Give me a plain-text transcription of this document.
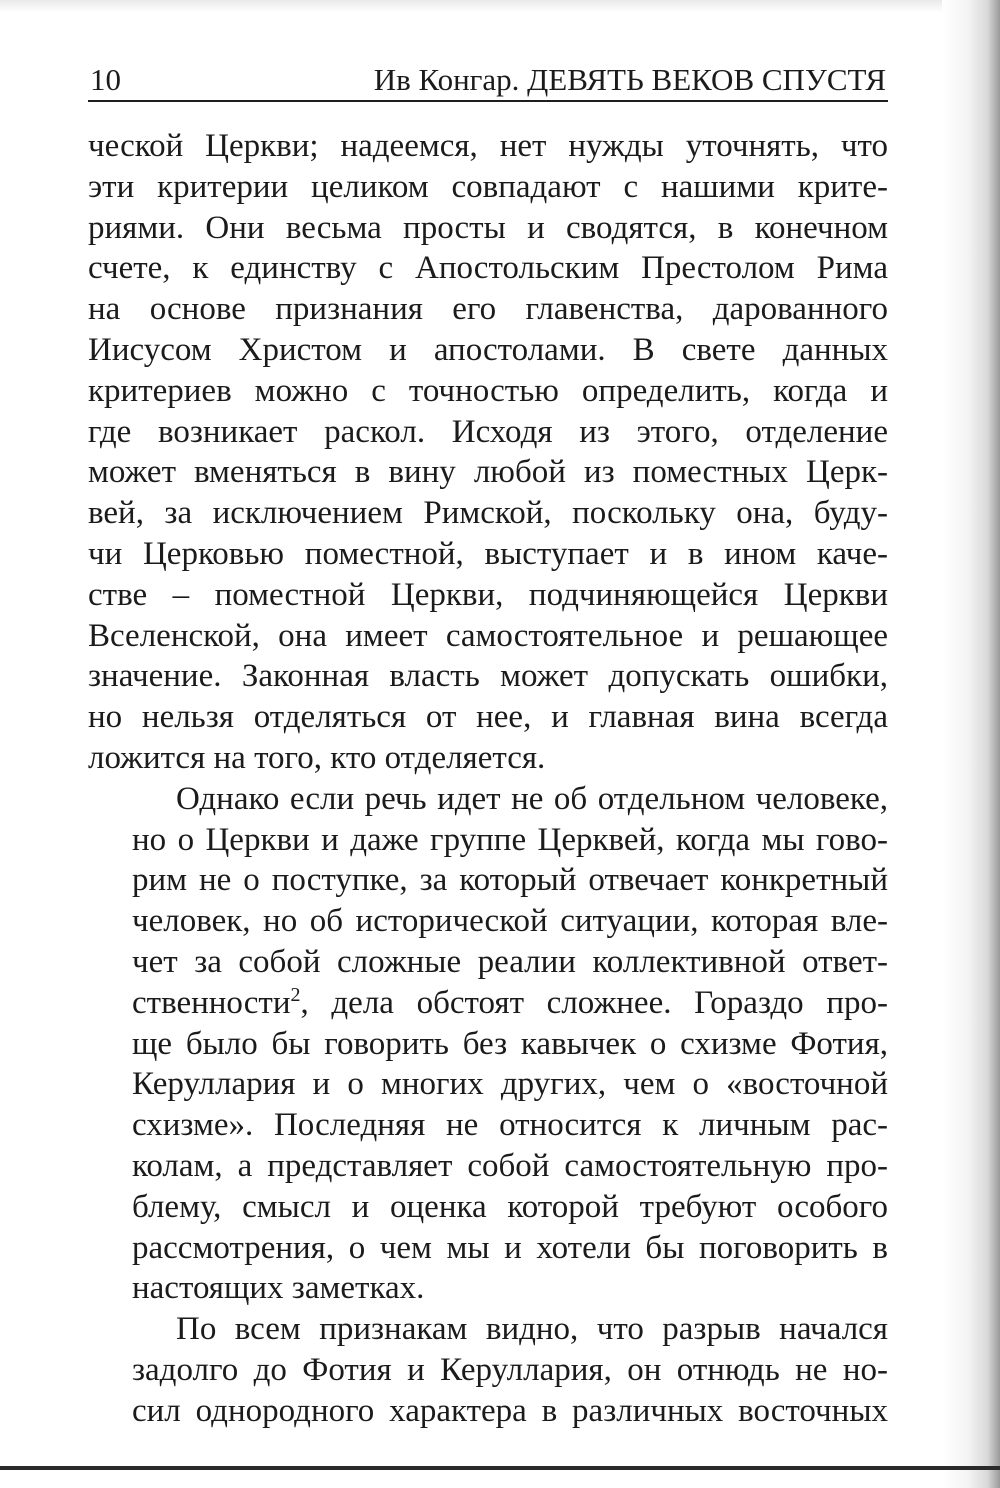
10	Ив Конгар. ДЕВЯТЬ ВЕКОВ СПУСТЯ

ческой Церкви; надеемся, нет нужды уточнять, что
эти критерии целиком совпадают с нашими крите-
риями. Они весьма просты и сводятся, в конечном
счете, к единству с Апостольским Престолом Рима
на основе признания его главенства, дарованного
Иисусом Христом и апостолами. В свете данных
критериев можно с точностью определить, когда и
где возникает раскол. Исходя из этого, отделение
может вменяться в вину любой из поместных Церк-
вей, за исключением Римской, поскольку она, буду-
чи Церковью поместной, выступает и в ином каче-
стве – поместной Церкви, подчиняющейся Церкви
Вселенской, она имеет самостоятельное и решающее
значение. Законная власть может допускать ошибки,
но нельзя отделяться от нее, и главная вина всегда
ложится на того, кто отделяется.

Однако если речь идет не об отдельном человеке,
но о Церкви и даже группе Церквей, когда мы гово-
рим не о поступке, за который отвечает конкретный
человек, но об исторической ситуации, которая вле-
чет за собой сложные реалии коллективной ответ-
ственности$^2$, дела обстоят сложнее. Гораздо про-
щe было бы говорить без кавычек о схизме Фотия,
Керуллария и о многих других, чем о «восточной
схизме». Последняя не относится к личным рас-
колам, а представляет собой самостоятельную про-
блему, смысл и оценка которой требуют особого
рассмотрения, о чем мы и хотели бы поговорить в
настоящих заметках.

По всем признакам видно, что разрыв начался
задолго до Фотия и Керуллария, он отнюдь не но-
сил однородного характера в различных восточных
